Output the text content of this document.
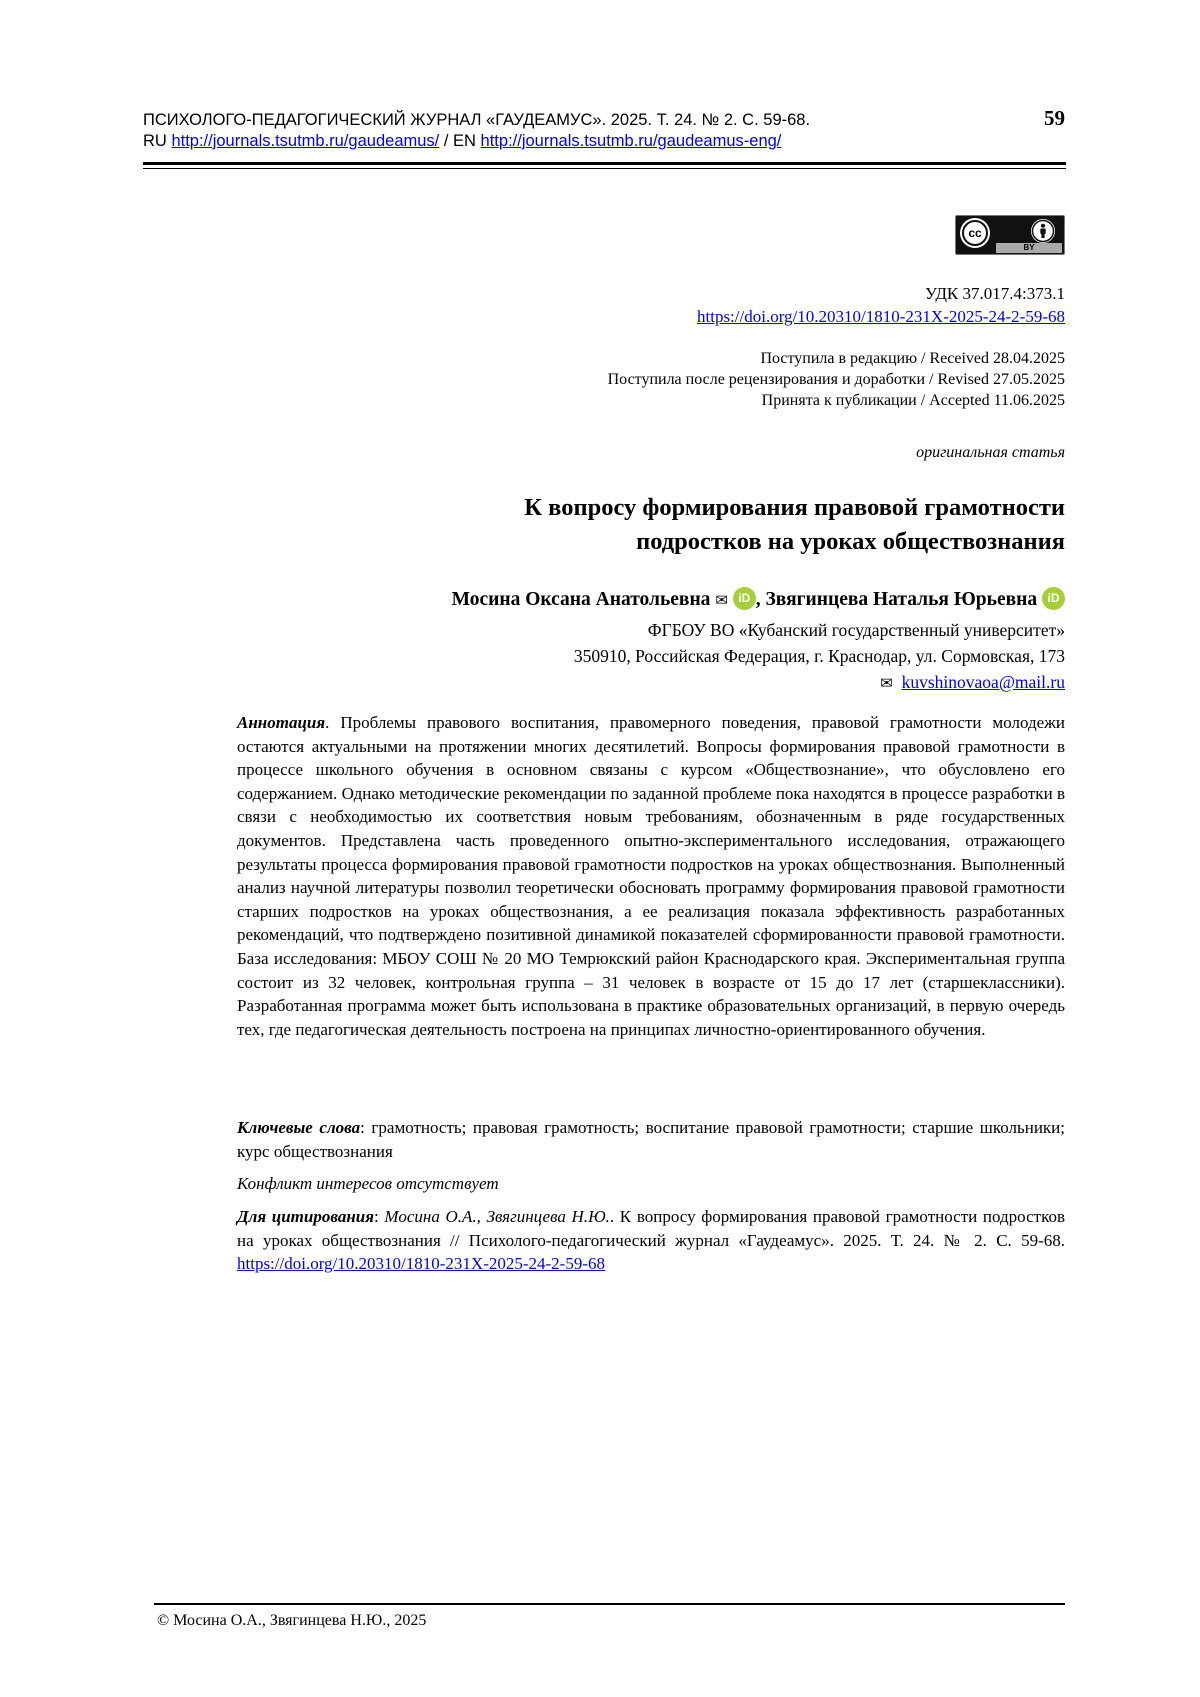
ПСИХОЛОГО-ПЕДАГОГИЧЕСКИЙ ЖУРНАЛ «ГАУДЕАМУС». 2025. Т. 24. № 2. С. 59-68.
RU http://journals.tsutmb.ru/gaudeamus/ / EN http://journals.tsutmb.ru/gaudeamus-eng/
59
cc
BY
УДК 37.017.4:373.1
https://doi.org/10.20310/1810-231X-2025-24-2-59-68
Поступила в редакцию / Received 28.04.2025
Поступила после рецензирования и доработки / Revised 27.05.2025
Принята к публикации / Accepted 11.06.2025
оригинальная статья
К вопросу формирования правовой грамотности
подростков на уроках обществознания
Мосина Оксана Анатольевна ✉ iD , Звягинцева Наталья Юрьевна iD
ФГБОУ ВО «Кубанский государственный университет»
350910, Российская Федерация, г. Краснодар, ул. Сормовская, 173
✉ kuvshinovaoa@mail.ru
Аннотация. Проблемы правового воспитания, правомерного поведения, правовой грамотности молодежи остаются актуальными на протяжении многих десятилетий. Вопросы формирования правовой грамотности в процессе школьного обучения в основном связаны с курсом «Обществознание», что обусловлено его содержанием. Однако методические рекомендации по заданной проблеме пока находятся в процессе разработки в связи с необходимостью их соответствия новым требованиям, обозначенным в ряде государственных документов. Представлена часть проведенного опытно-экспериментального исследования, отражающего результаты процесса формирования правовой грамотности подростков на уроках обществознания. Выполненный анализ научной литературы позволил теоретически обосновать программу формирования правовой грамотности старших подростков на уроках обществознания, а ее реализация показала эффективность разработанных рекомендаций, что подтверждено позитивной динамикой показателей сформированности правовой грамотности. База исследования: МБОУ СОШ № 20 МО Темрюкский район Краснодарского края. Экспериментальная группа состоит из 32 человек, контрольная группа – 31 человек в возрасте от 15 до 17 лет (старшеклассники). Разработанная программа может быть использована в практике образовательных организаций, в первую очередь тех, где педагогическая деятельность построена на принципах личностно-ориентированного обучения.
Ключевые слова: грамотность; правовая грамотность; воспитание правовой грамотности; старшие школьники; курс обществознания
Конфликт интересов отсутствует
Для цитирования: Мосина О.А., Звягинцева Н.Ю.. К вопросу формирования правовой грамотности подростков на уроках обществознания // Психолого-педагогический журнал «Гаудеамус». 2025. Т. 24. № 2. С. 59-68. https://doi.org/10.20310/1810-231X-2025-24-2-59-68
© Мосина О.А., Звягинцева Н.Ю., 2025
